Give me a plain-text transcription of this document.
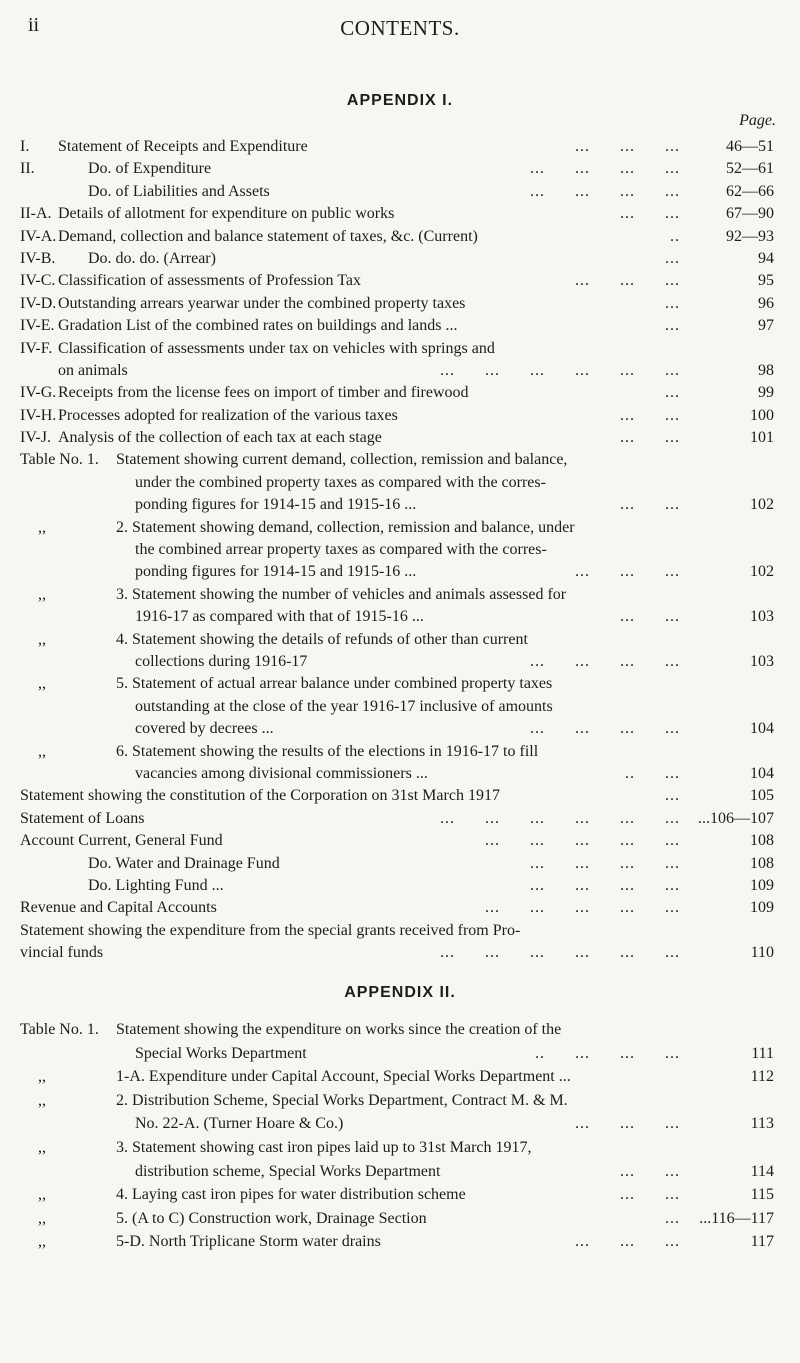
ii	CONTENTS.
APPENDIX I.
Page.
I. Statement of Receipts and Expenditure	...      ...      ...	46—51
II.	Do. of Expenditure	...      ...      ...      ...	52—61
Do. of Liabilities and Assets	...      ...      ...      ...	62—66
II-A. Details of allotment for expenditure on public works	...      ...	67—90
IV-A. Demand, collection and balance statement of taxes, &c. (Current)	..	92—93
IV-B. Do. do. do. (Arrear)	...	94
IV-C. Classification of assessments of Profession Tax	...      ...      ...	95
IV-D. Outstanding arrears yearwar under the combined property taxes	...	96
IV-E. Gradation List of the combined rates on buildings and lands ...	...	97
IV-F. Classification of assessments under tax on vehicles with springs and
on animals	...      ...      ...      ...      ...      ...	98
IV-G. Receipts from the license fees on import of timber and firewood	...	99
IV-H. Processes adopted for realization of the various taxes	...      ...	100
IV-J. Analysis of the collection of each tax at each stage	...      ...	101
Table No. 1. Statement showing current demand, collection, remission and balance,
under the combined property taxes as compared with the corres-
ponding figures for 1914-15 and 1915-16 ...	...      ...	102
,,	2. Statement showing demand, collection, remission and balance, under
the combined arrear property taxes as compared with the corres-
ponding figures for 1914-15 and 1915-16 ...	...      ...      ...	102
,,	3. Statement showing the number of vehicles and animals assessed for
1916-17 as compared with that of 1915-16 ...	...      ...	103
,,	4. Statement showing the details of refunds of other than current
collections during 1916-17	...      ...      ...      ...	103
,,	5. Statement of actual arrear balance under combined property taxes
outstanding at the close of the year 1916-17 inclusive of amounts
covered by decrees ...	...      ...      ...      ...	104
,,	6. Statement showing the results of the elections in 1916-17 to fill
vacancies among divisional commissioners ...	..      ...	104
Statement showing the constitution of the Corporation on 31st March 1917	...	105
Statement of Loans	...      ...      ...      ...      ...      ... ...106—107
Account Current, General Fund	...      ...      ...      ...      ...	108
Do. Water and Drainage Fund	...      ...      ...      ...	108
Do. Lighting Fund ...	...      ...      ...      ...	109
Revenue and Capital Accounts	...      ...      ...      ...      ...	109
Statement showing the expenditure from the special grants received from Pro-
vincial funds	...      ...      ...      ...      ...      ...	110
APPENDIX II.
Table No. 1. Statement showing the expenditure on works since the creation of the
Special Works Department	..      ...      ...      ...	111
,,	1-A. Expenditure under Capital Account, Special Works Department ...	112
,,	2. Distribution Scheme, Special Works Department, Contract M. & M.
No. 22-A. (Turner Hoare & Co.)	...      ...      ...	113
,,	3. Statement showing cast iron pipes laid up to 31st March 1917,
distribution scheme, Special Works Department	...      ...	114
,,	4. Laying cast iron pipes for water distribution scheme	...      ...	115
,,	5. (A to C) Construction work, Drainage Section	... ...116—117
,,	5-D. North Triplicane Storm water drains	...      ...      ...	117
